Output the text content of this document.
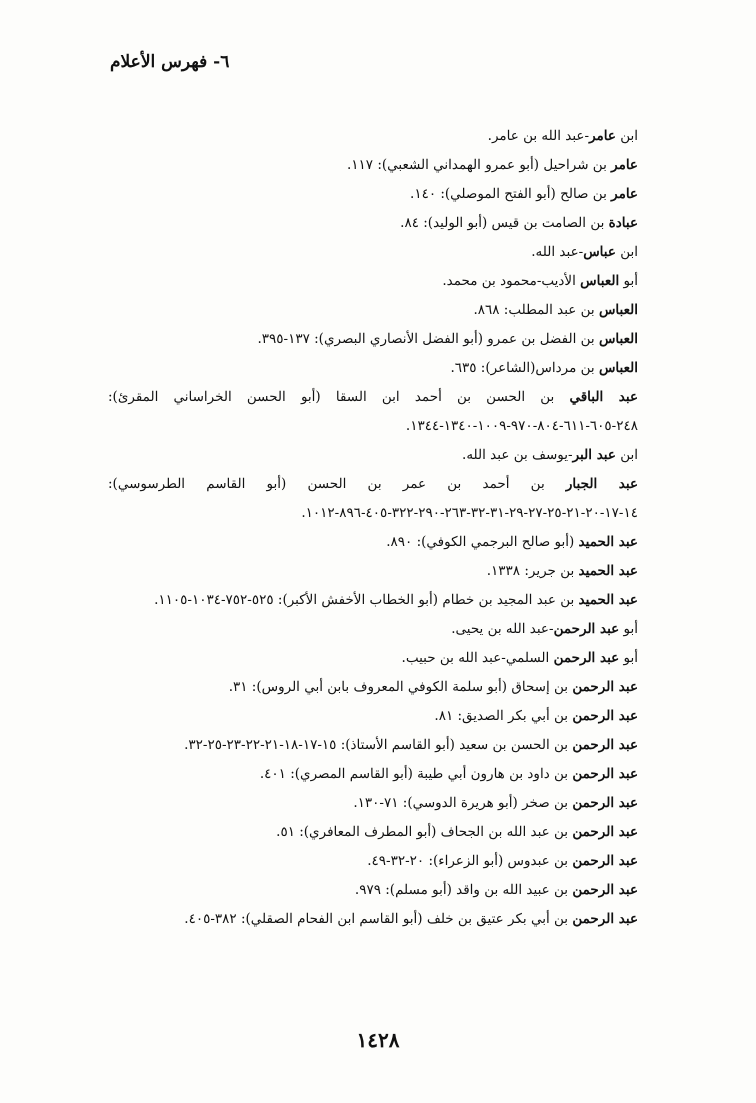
٦- فهرس الأعلام
ابن عامر-عبد الله بن عامر.
عامر بن شراحيل (أبو عمرو الهمداني الشعبي): ١١٧.
عامر بن صالح (أبو الفتح الموصلي): ١٤٠.
عبادة بن الصامت بن قيس (أبو الوليد): ٨٤.
ابن عباس-عبد الله.
أبو العباس الأديب-محمود بن محمد.
العباس بن عبد المطلب: ٨٦٨.
العباس بن الفضل بن عمرو (أبو الفضل الأنصاري البصري): ١٣٧-٣٩٥.
العباس بن مرداس(الشاعر): ٦٣٥.
عبد الباقي بن الحسن بن أحمد ابن السقا (أبو الحسن الخراساني المقرئ): ٢٤٨-٦٠٥-٦١١-٨٠٤-٩٧٠-١٠٠٩-١٣٤٠-١٣٤٤.
ابن عبد البر-يوسف بن عبد الله.
عبد الجبار بن أحمد بن عمر بن الحسن (أبو القاسم الطرسوسي): ١٤-١٧-٢٠-٢١-٢٥-٢٧-٢٩-٣١-٣٢-٢٦٣-٢٩٠-٣٢٢-٤٠٥-٨٩٦-١٠١٢.
عبد الحميد (أبو صالح البرجمي الكوفي): ٨٩٠.
عبد الحميد بن جرير: ١٣٣٨.
عبد الحميد بن عبد المجيد بن خطام (أبو الخطاب الأخفش الأكبر): ٥٢٥-٧٥٢-١٠٣٤-١١٠٥.
أبو عبد الرحمن-عبد الله بن يحيى.
أبو عبد الرحمن السلمي-عبد الله بن حبيب.
عبد الرحمن بن إسحاق (أبو سلمة الكوفي المعروف بابن أبي الروس): ٣١.
عبد الرحمن بن أبي بكر الصديق: ٨١.
عبد الرحمن بن الحسن بن سعيد (أبو القاسم الأستاذ): ١٥-١٧-١٨-٢١-٢٢-٢٣-٢٥-٣٢.
عبد الرحمن بن داود بن هارون أبي طيبة (أبو القاسم المصري): ٤٠١.
عبد الرحمن بن صخر (أبو هريرة الدوسي): ٧١-١٣٠.
عبد الرحمن بن عبد الله بن الجحاف (أبو المطرف المعافري): ٥١.
عبد الرحمن بن عبدوس (أبو الزعراء): ٢٠-٣٢-٤٩.
عبد الرحمن بن عبيد الله بن واقد (أبو مسلم): ٩٧٩.
عبد الرحمن بن أبي بكر عتيق بن خلف (أبو القاسم ابن الفحام الصقلي): ٣٨٢-٤٠٥.
١٤٢٨
